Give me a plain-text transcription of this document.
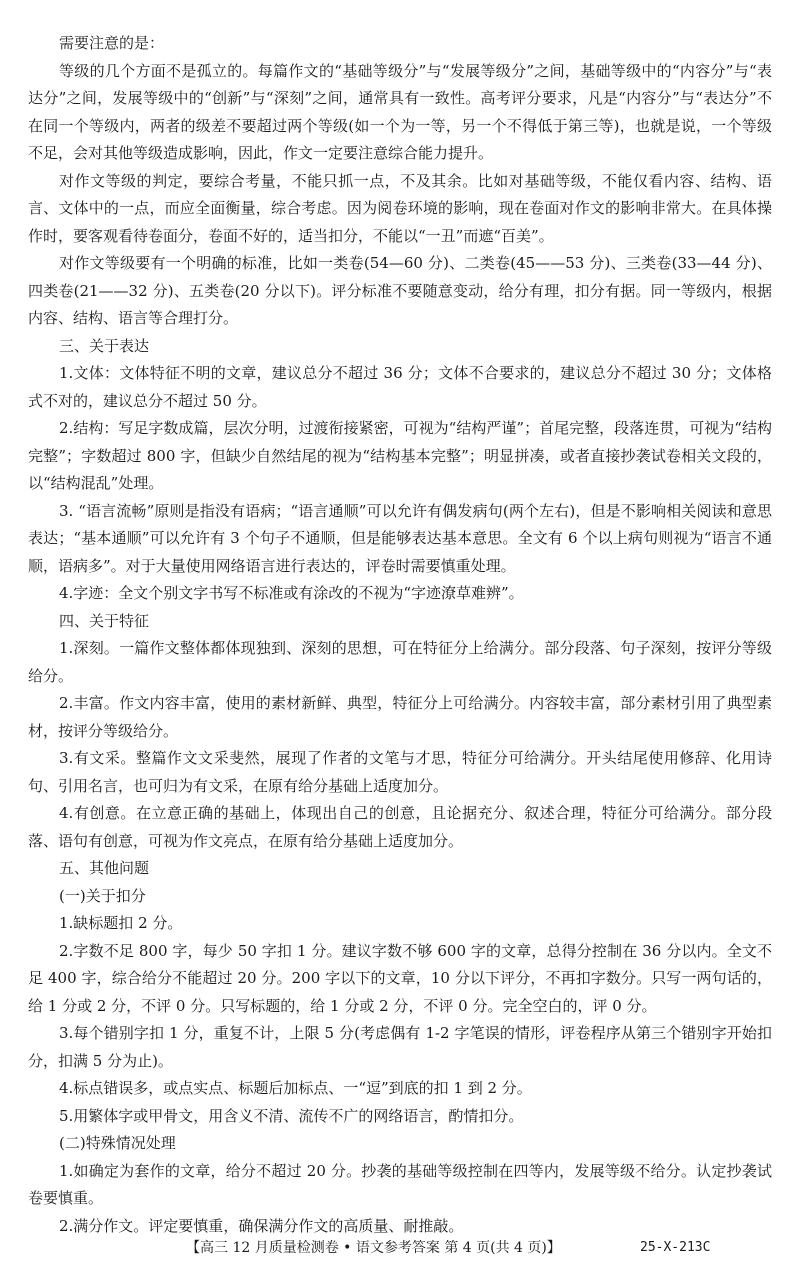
需要注意的是：

等级的几个方面不是孤立的。每篇作文的“基础等级分”与“发展等级分”之间，基础等级中的“内容分”与“表达分”之间，发展等级中的“创新”与“深刻”之间，通常具有一致性。高考评分要求，凡是“内容分”与“表达分”不在同一个等级内，两者的级差不要超过两个等级(如一个为一等，另一个不得低于第三等)，也就是说，一个等级不足，会对其他等级造成影响，因此，作文一定要注意综合能力提升。

对作文等级的判定，要综合考量，不能只抓一点，不及其余。比如对基础等级，不能仅看内容、结构、语言、文体中的一点，而应全面衡量，综合考虑。因为阅卷环境的影响，现在卷面对作文的影响非常大。在具体操作时，要客观看待卷面分，卷面不好的，适当扣分，不能以“一丑”而遮“百美”。

对作文等级要有一个明确的标准，比如一类卷(54—60 分)、二类卷(45——53 分)、三类卷(33—44 分)、四类卷(21——32 分)、五类卷(20 分以下)。评分标准不要随意变动，给分有理，扣分有据。同一等级内，根据内容、结构、语言等合理打分。

三、关于表达

1.文体：文体特征不明的文章，建议总分不超过 36 分；文体不合要求的，建议总分不超过 30 分；文体格式不对的，建议总分不超过 50 分。

2.结构：写足字数成篇，层次分明，过渡衔接紧密，可视为“结构严谨”；首尾完整，段落连贯，可视为“结构完整”；字数超过 800 字，但缺少自然结尾的视为“结构基本完整”；明显拼凑，或者直接抄袭试卷相关文段的，以“结构混乱”处理。

3. “语言流畅”原则是指没有语病；“语言通顺”可以允许有偶发病句(两个左右)，但是不影响相关阅读和意思表达；“基本通顺”可以允许有 3 个句子不通顺，但是能够表达基本意思。全文有 6 个以上病句则视为“语言不通顺，语病多”。对于大量使用网络语言进行表达的，评卷时需要慎重处理。

4.字迹：全文个别文字书写不标准或有涂改的不视为“字迹潦草难辨”。

四、关于特征

1.深刻。一篇作文整体都体现独到、深刻的思想，可在特征分上给满分。部分段落、句子深刻，按评分等级给分。

2.丰富。作文内容丰富，使用的素材新鲜、典型，特征分上可给满分。内容较丰富，部分素材引用了典型素材，按评分等级给分。

3.有文采。整篇作文文采斐然，展现了作者的文笔与才思，特征分可给满分。开头结尾使用修辞、化用诗句、引用名言，也可归为有文采，在原有给分基础上适度加分。

4.有创意。在立意正确的基础上，体现出自己的创意，且论据充分、叙述合理，特征分可给满分。部分段落、语句有创意，可视为作文亮点，在原有给分基础上适度加分。

五、其他问题

(一)关于扣分

1.缺标题扣 2 分。

2.字数不足 800 字，每少 50 字扣 1 分。建议字数不够 600 字的文章，总得分控制在 36 分以内。全文不足 400 字，综合给分不能超过 20 分。200 字以下的文章，10 分以下评分，不再扣字数分。只写一两句话的，给 1 分或 2 分，不评 0 分。只写标题的，给 1 分或 2 分，不评 0 分。完全空白的，评 0 分。

3.每个错别字扣 1 分，重复不计，上限 5 分(考虑偶有 1-2 字笔误的情形，评卷程序从第三个错别字开始扣分，扣满 5 分为止)。

4.标点错误多，或点实点、标题后加标点、一“逗”到底的扣 1 到 2 分。

5.用繁体字或甲骨文，用含义不清、流传不广的网络语言，酌情扣分。

(二)特殊情况处理

1.如确定为套作的文章，给分不超过 20 分。抄袭的基础等级控制在四等内，发展等级不给分。认定抄袭试卷要慎重。

2.满分作文。评定要慎重，确保满分作文的高质量、耐推敲。

【高三 12 月质量检测卷 • 语文参考答案 第 4 页(共 4 页)】	25-X-213C
